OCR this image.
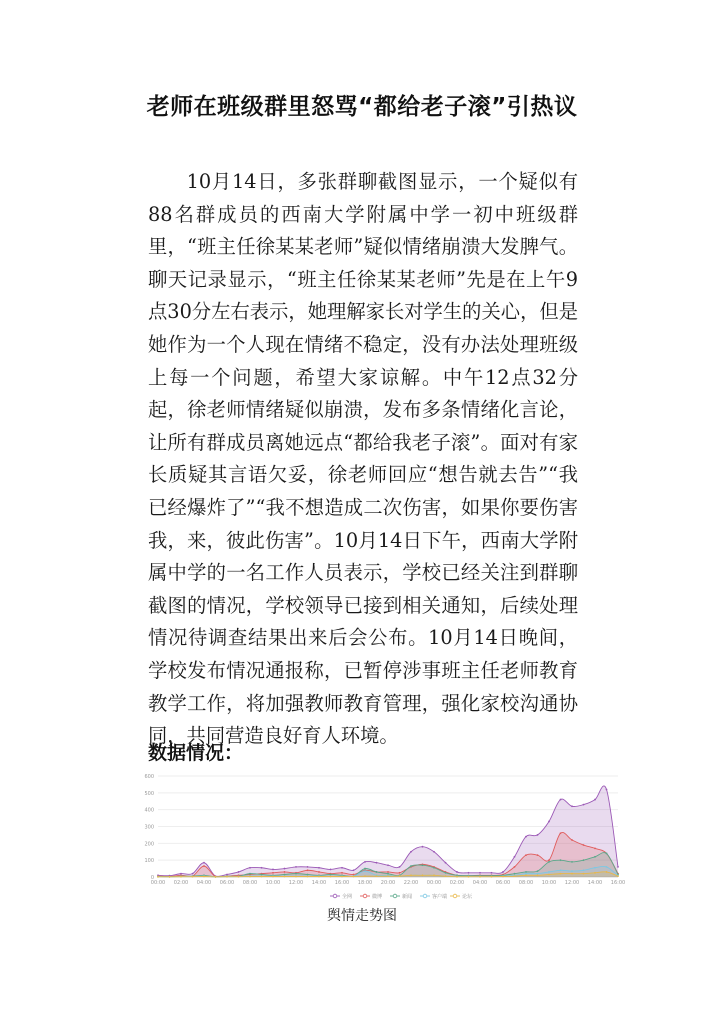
老师在班级群里怒骂“都给老子滚”引热议
10月14日，多张群聊截图显示，一个疑似有88名群成员的西南大学附属中学一初中班级群里，“班主任徐某某老师”疑似情绪崩溃大发脾气。聊天记录显示，“班主任徐某某老师”先是在上午9点30分左右表示，她理解家长对学生的关心，但是她作为一个人现在情绪不稳定，没有办法处理班级上每一个问题，希望大家谅解。中午12点32分起，徐老师情绪疑似崩溃，发布多条情绪化言论，让所有群成员离她远点“都给我老子滚”。面对有家长质疑其言语欠妥，徐老师回应“想告就去告”“我已经爆炸了”“我不想造成二次伤害，如果你要伤害我，来，彼此伤害”。10月14日下午，西南大学附属中学的一名工作人员表示，学校已经关注到群聊截图的情况，学校领导已接到相关通知，后续处理情况待调查结果出来后会公布。10月14日晚间，学校发布情况通报称，已暂停涉事班主任老师教育教学工作，将加强教师教育管理，强化家校沟通协同，共同营造良好育人环境。
数据情况：
0
100
200
300
400
500
600
00:00 02:00 04:00 06:00 08:00 10:00 12:00 14:00 16:00 18:00 20:00 22:00 00:00 02:00 04:00 06:00 08:00 10:00 12:00 14:00 16:00
全网	微博	新闻	客户端	论坛
舆情走势图
